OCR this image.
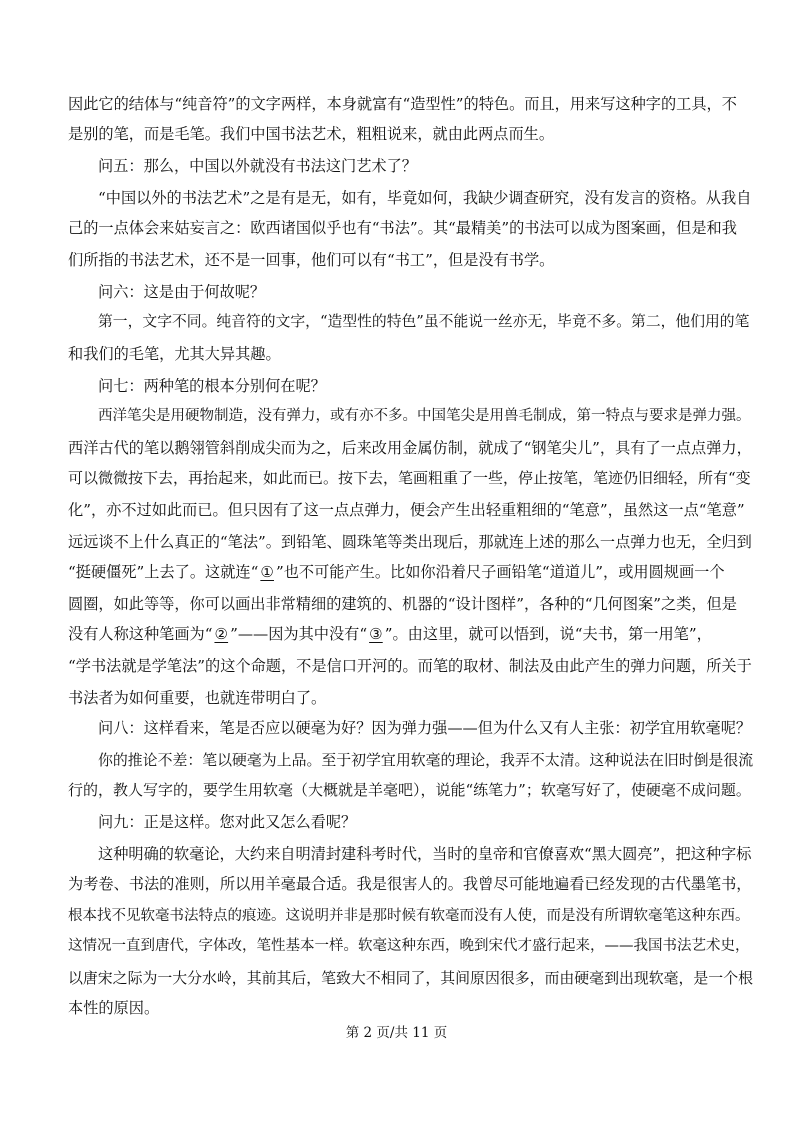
因此它的结体与“纯音符”的文字两样，本身就富有“造型性”的特色。而且，用来写这种字的工具，不
是别的笔，而是毛笔。我们中国书法艺术，粗粗说来，就由此两点而生。
问五：那么，中国以外就没有书法这门艺术了？
“中国以外的书法艺术”之是有是无，如有，毕竟如何，我缺少调查研究，没有发言的资格。从我自
己的一点体会来姑妄言之：欧西诸国似乎也有“书法”。其“最精美”的书法可以成为图案画，但是和我
们所指的书法艺术，还不是一回事，他们可以有“书工”，但是没有书学。
问六：这是由于何故呢？
第一，文字不同。纯音符的文字，“造型性的特色”虽不能说一丝亦无，毕竟不多。第二，他们用的笔
和我们的毛笔，尤其大异其趣。
问七：两种笔的根本分别何在呢？
西洋笔尖是用硬物制造，没有弹力，或有亦不多。中国笔尖是用兽毛制成，第一特点与要求是弹力强。
西洋古代的笔以鹅翎管斜削成尖而为之，后来改用金属仿制，就成了“钢笔尖儿”，具有了一点点弹力，
可以微微按下去，再抬起来，如此而已。按下去，笔画粗重了一些，停止按笔，笔迹仍旧细轻，所有“变
化”，亦不过如此而已。但只因有了这一点点弹力，便会产生出轻重粗细的“笔意”，虽然这一点“笔意”
远远谈不上什么真正的“笔法”。到铅笔、圆珠笔等类出现后，那就连上述的那么一点弹力也无，全归到
“挺硬僵死”上去了。这就连“ ① ”也不可能产生。比如你沿着尺子画铅笔“道道儿”，或用圆规画一个
圆圈，如此等等，你可以画出非常精细的建筑的、机器的“设计图样”，各种的“几何图案”之类，但是
没有人称这种笔画为“ ② ”——因为其中没有“ ③ ”。由这里，就可以悟到，说“夫书，第一用笔”，
“学书法就是学笔法”的这个命题，不是信口开河的。而笔的取材、制法及由此产生的弹力问题，所关于
书法者为如何重要，也就连带明白了。
问八：这样看来，笔是否应以硬毫为好？因为弹力强——但为什么又有人主张：初学宜用软毫呢？
你的推论不差：笔以硬毫为上品。至于初学宜用软毫的理论，我弄不太清。这种说法在旧时倒是很流
行的，教人写字的，要学生用软毫（大概就是羊毫吧），说能“练笔力”；软毫写好了，使硬毫不成问题。
问九：正是这样。您对此又怎么看呢？
这种明确的软毫论，大约来自明清封建科考时代，当时的皇帝和官僚喜欢“黑大圆亮”，把这种字标
为考卷、书法的准则，所以用羊毫最合适。我是很害人的。我曾尽可能地遍看已经发现的古代墨笔书，
根本找不见软毫书法特点的痕迹。这说明并非是那时候有软毫而没有人使，而是没有所谓软毫笔这种东西。
这情况一直到唐代，字体改，笔性基本一样。软毫这种东西，晚到宋代才盛行起来，——我国书法艺术史，
以唐宋之际为一大分水岭，其前其后，笔致大不相同了，其间原因很多，而由硬毫到出现软毫，是一个根
本性的原因。
第 2 页/共 11 页
